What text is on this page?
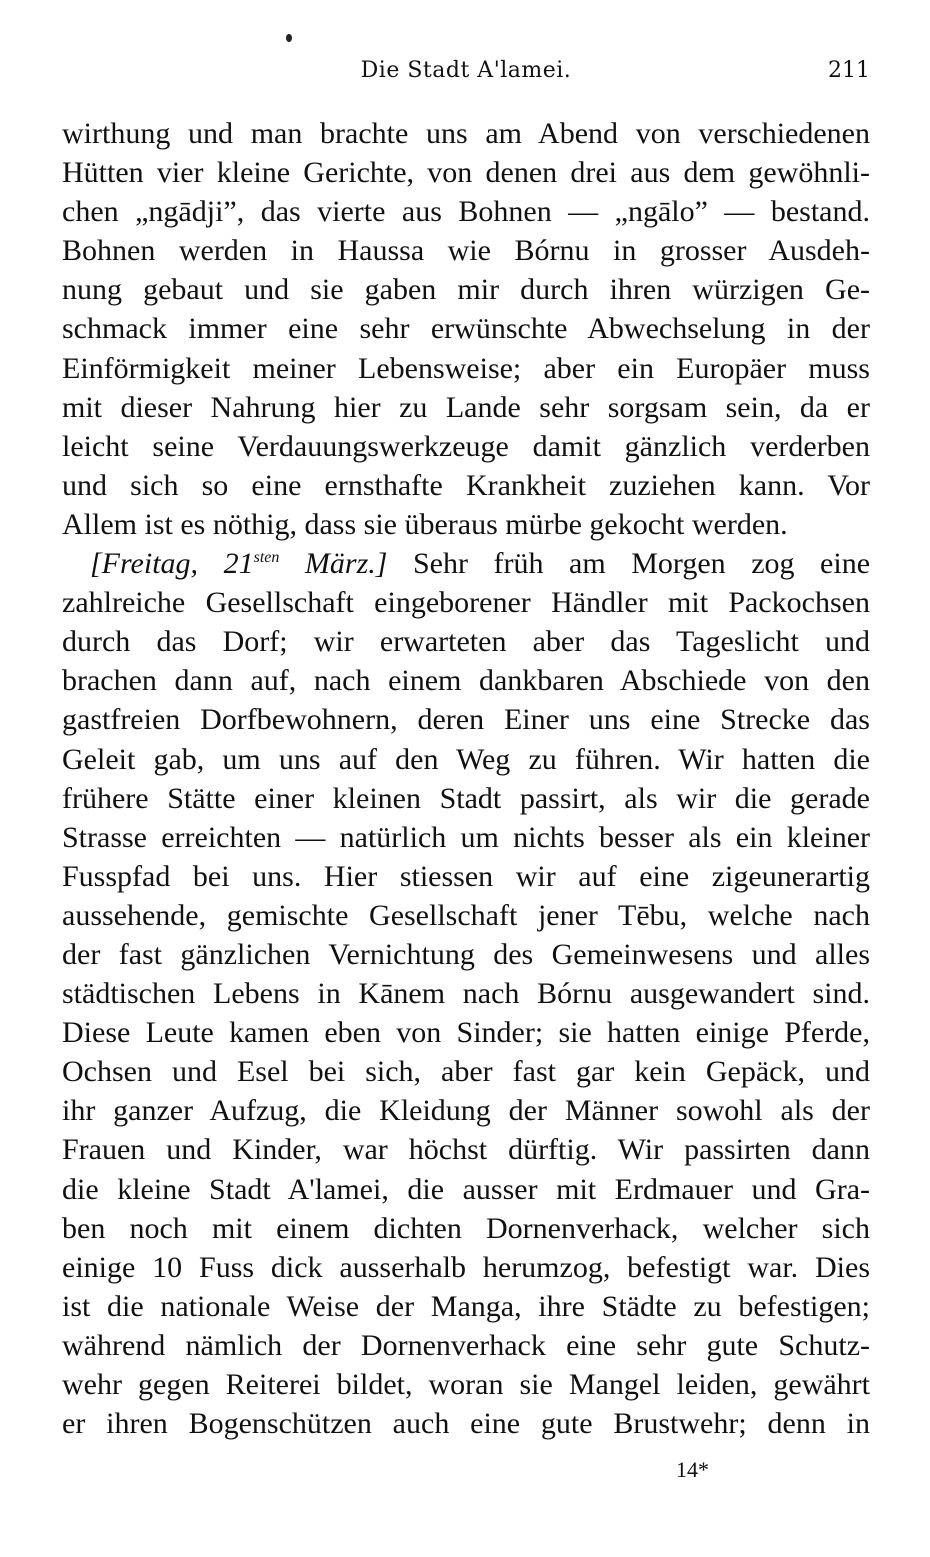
Die Stadt A'lamei.	211
wirthung und man brachte uns am Abend von verschiedenen
Hütten vier kleine Gerichte, von denen drei aus dem gewöhnli-
chen „ngādji”, das vierte aus Bohnen — „ngālo” — bestand.
Bohnen werden in Haussa wie Bórnu in grosser Ausdeh-
nung gebaut und sie gaben mir durch ihren würzigen Ge-
schmack immer eine sehr erwünschte Abwechselung in der
Einförmigkeit meiner Lebensweise; aber ein Europäer muss
mit dieser Nahrung hier zu Lande sehr sorgsam sein, da er
leicht seine Verdauungswerkzeuge damit gänzlich verderben
und sich so eine ernsthafte Krankheit zuziehen kann. Vor
Allem ist es nöthig, dass sie überaus mürbe gekocht werden.
[Freitag, $21^{sten}$ März.] Sehr früh am Morgen zog eine
zahlreiche Gesellschaft eingeborener Händler mit Packochsen
durch das Dorf; wir erwarteten aber das Tageslicht und
brachen dann auf, nach einem dankbaren Abschiede von den
gastfreien Dorfbewohnern, deren Einer uns eine Strecke das
Geleit gab, um uns auf den Weg zu führen. Wir hatten die
frühere Stätte einer kleinen Stadt passirt, als wir die gerade
Strasse erreichten — natürlich um nichts besser als ein kleiner
Fusspfad bei uns. Hier stiessen wir auf eine zigeunerartig
aussehende, gemischte Gesellschaft jener Tēbu, welche nach
der fast gänzlichen Vernichtung des Gemeinwesens und alles
städtischen Lebens in Kānem nach Bórnu ausgewandert sind.
Diese Leute kamen eben von Sinder; sie hatten einige Pferde,
Ochsen und Esel bei sich, aber fast gar kein Gepäck, und
ihr ganzer Aufzug, die Kleidung der Männer sowohl als der
Frauen und Kinder, war höchst dürftig. Wir passirten dann
die kleine Stadt A'lamei, die ausser mit Erdmauer und Gra-
ben noch mit einem dichten Dornenverhack, welcher sich
einige 10 Fuss dick ausserhalb herumzog, befestigt war. Dies
ist die nationale Weise der Manga, ihre Städte zu befestigen;
während nämlich der Dornenverhack eine sehr gute Schutz-
wehr gegen Reiterei bildet, woran sie Mangel leiden, gewährt
er ihren Bogenschützen auch eine gute Brustwehr; denn in
14*
